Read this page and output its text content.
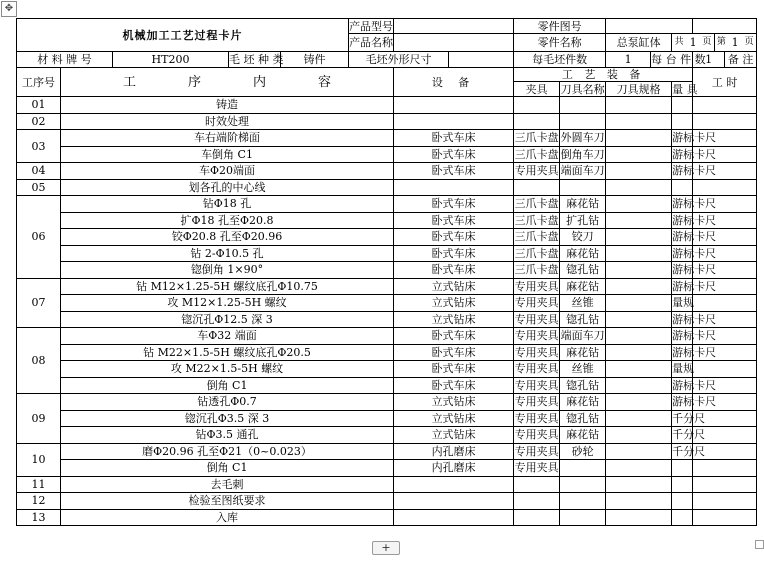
✥
机械加工工艺过程卡片	产品型号		零件图号		
产品名称		零件名称	总泵缸体	共	1	页	第	1	页

材 料 牌 号	HT200	毛 坯 种 类	铸件	毛坯外形尺寸		每毛坯件数	1	每 台 件 数	1	备 注
工序号	工	序	内	容	设 备	工 艺 装 备	工 时
夹具	刀具名称	刀具规格	量 具
01	铸造						
02	时效处理						
03	车右端阶梯面	卧式车床	三爪卡盘	外圆车刀		游标卡尺	
车倒角 C1	卧式车床	三爪卡盘	倒角车刀		游标卡尺	
04	车Φ20端面	卧式车床	专用夹具	端面车刀		游标卡尺	
05	划各孔的中心线						
06	钻Φ18 孔	卧式车床	三爪卡盘	麻花钻		游标卡尺	
扩Φ18 孔至Φ20.8	卧式车床	三爪卡盘	扩孔钻		游标卡尺	
铰Φ20.8 孔至Φ20.96	卧式车床	三爪卡盘	铰刀		游标卡尺	
钻 2-Φ10.5 孔	卧式车床	三爪卡盘	麻花钻		游标卡尺	
锪倒角 1×90°	卧式车床	三爪卡盘	锪孔钻		游标卡尺	
07	钻 M12×1.25-5H 螺纹底孔Φ10.75	立式钻床	专用夹具	麻花钻		游标卡尺	
攻 M12×1.25-5H 螺纹	立式钻床	专用夹具	丝锥		量规	
锪沉孔Φ12.5 深 3	立式钻床	专用夹具	锪孔钻		游标卡尺	
08	车Φ32 端面	卧式车床	专用夹具	端面车刀		游标卡尺	
钻 M22×1.5-5H 螺纹底孔Φ20.5	卧式车床	专用夹具	麻花钻		游标卡尺	
攻 M22×1.5-5H 螺纹	卧式车床	专用夹具	丝锥		量规	
倒角 C1	卧式车床	专用夹具	锪孔钻		游标卡尺	
09	钻透孔Φ0.7	立式钻床	专用夹具	麻花钻		游标卡尺	
锪沉孔Φ3.5 深 3	立式钻床	专用夹具	锪孔钻		千分尺	
钻Φ3.5 通孔	立式钻床	专用夹具	麻花钻		千分尺	
10	磨Φ20.96 孔至Φ21（0~0.023）	内孔磨床	专用夹具	砂轮		千分尺	
倒角 C1	内孔磨床	专用夹具				
11	去毛刺						
12	检验至图纸要求						
13	入库						
+
